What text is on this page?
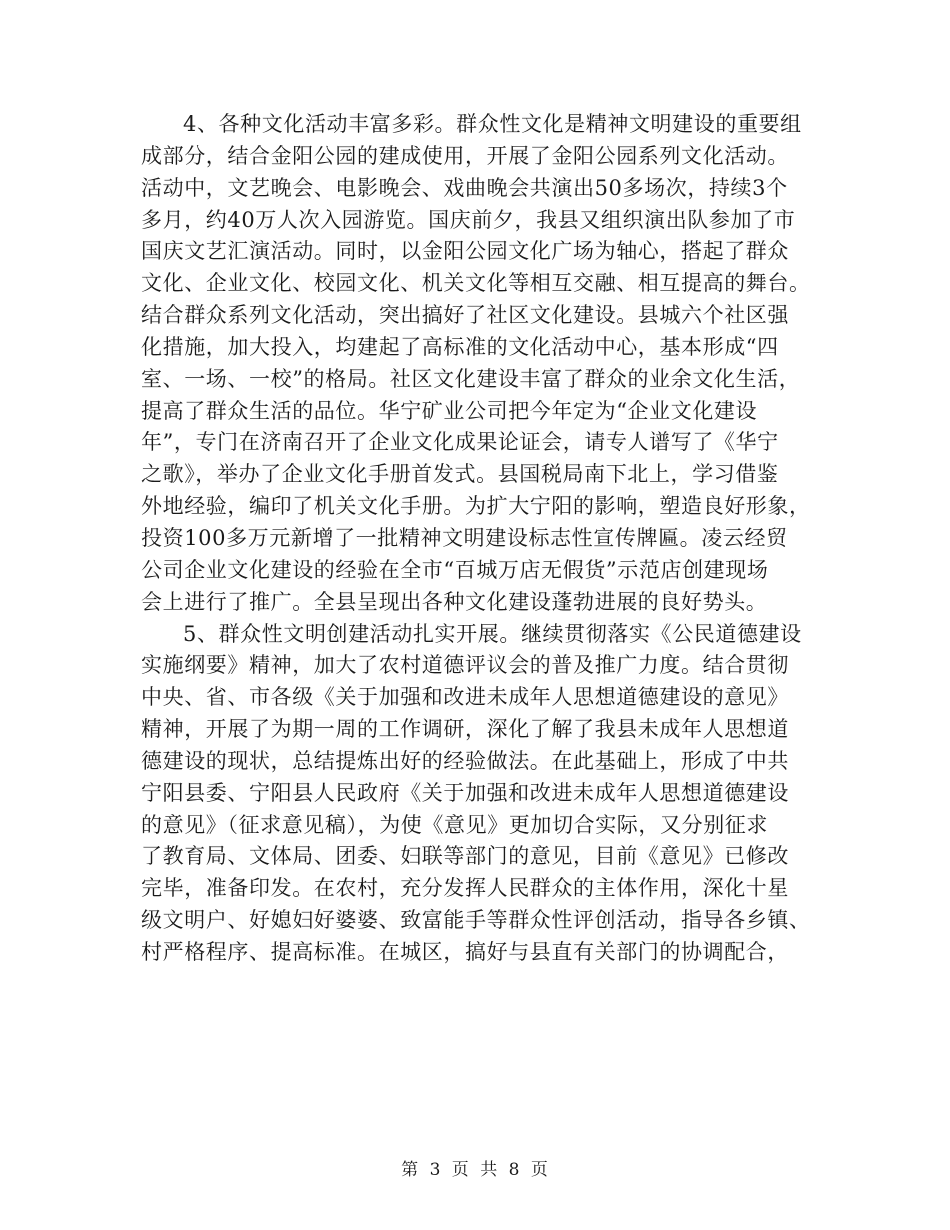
4、各种文化活动丰富多彩。群众性文化是精神文明建设的重要组
成部分，结合金阳公园的建成使用，开展了金阳公园系列文化活动。
活动中，文艺晚会、电影晚会、戏曲晚会共演出50多场次，持续3个
多月，约40万人次入园游览。国庆前夕，我县又组织演出队参加了市
国庆文艺汇演活动。同时，以金阳公园文化广场为轴心，搭起了群众
文化、企业文化、校园文化、机关文化等相互交融、相互提高的舞台。
结合群众系列文化活动，突出搞好了社区文化建设。县城六个社区强
化措施，加大投入，均建起了高标准的文化活动中心，基本形成“四
室、一场、一校”的格局。社区文化建设丰富了群众的业余文化生活，
提高了群众生活的品位。华宁矿业公司把今年定为“企业文化建设
年”，专门在济南召开了企业文化成果论证会，请专人谱写了《华宁
之歌》，举办了企业文化手册首发式。县国税局南下北上，学习借鉴
外地经验，编印了机关文化手册。为扩大宁阳的影响，塑造良好形象，
投资100多万元新增了一批精神文明建设标志性宣传牌匾。凌云经贸
公司企业文化建设的经验在全市“百城万店无假货”示范店创建现场
会上进行了推广。全县呈现出各种文化建设蓬勃进展的良好势头。
5、群众性文明创建活动扎实开展。继续贯彻落实《公民道德建设
实施纲要》精神，加大了农村道德评议会的普及推广力度。结合贯彻
中央、省、市各级《关于加强和改进未成年人思想道德建设的意见》
精神，开展了为期一周的工作调研，深化了解了我县未成年人思想道
德建设的现状，总结提炼出好的经验做法。在此基础上，形成了中共
宁阳县委、宁阳县人民政府《关于加强和改进未成年人思想道德建设
的意见》（征求意见稿），为使《意见》更加切合实际，又分别征求
了教育局、文体局、团委、妇联等部门的意见，目前《意见》已修改
完毕，准备印发。在农村，充分发挥人民群众的主体作用，深化十星
级文明户、好媳妇好婆婆、致富能手等群众性评创活动，指导各乡镇、
村严格程序、提高标准。在城区，搞好与县直有关部门的协调配合，
第 3 页 共 8 页
